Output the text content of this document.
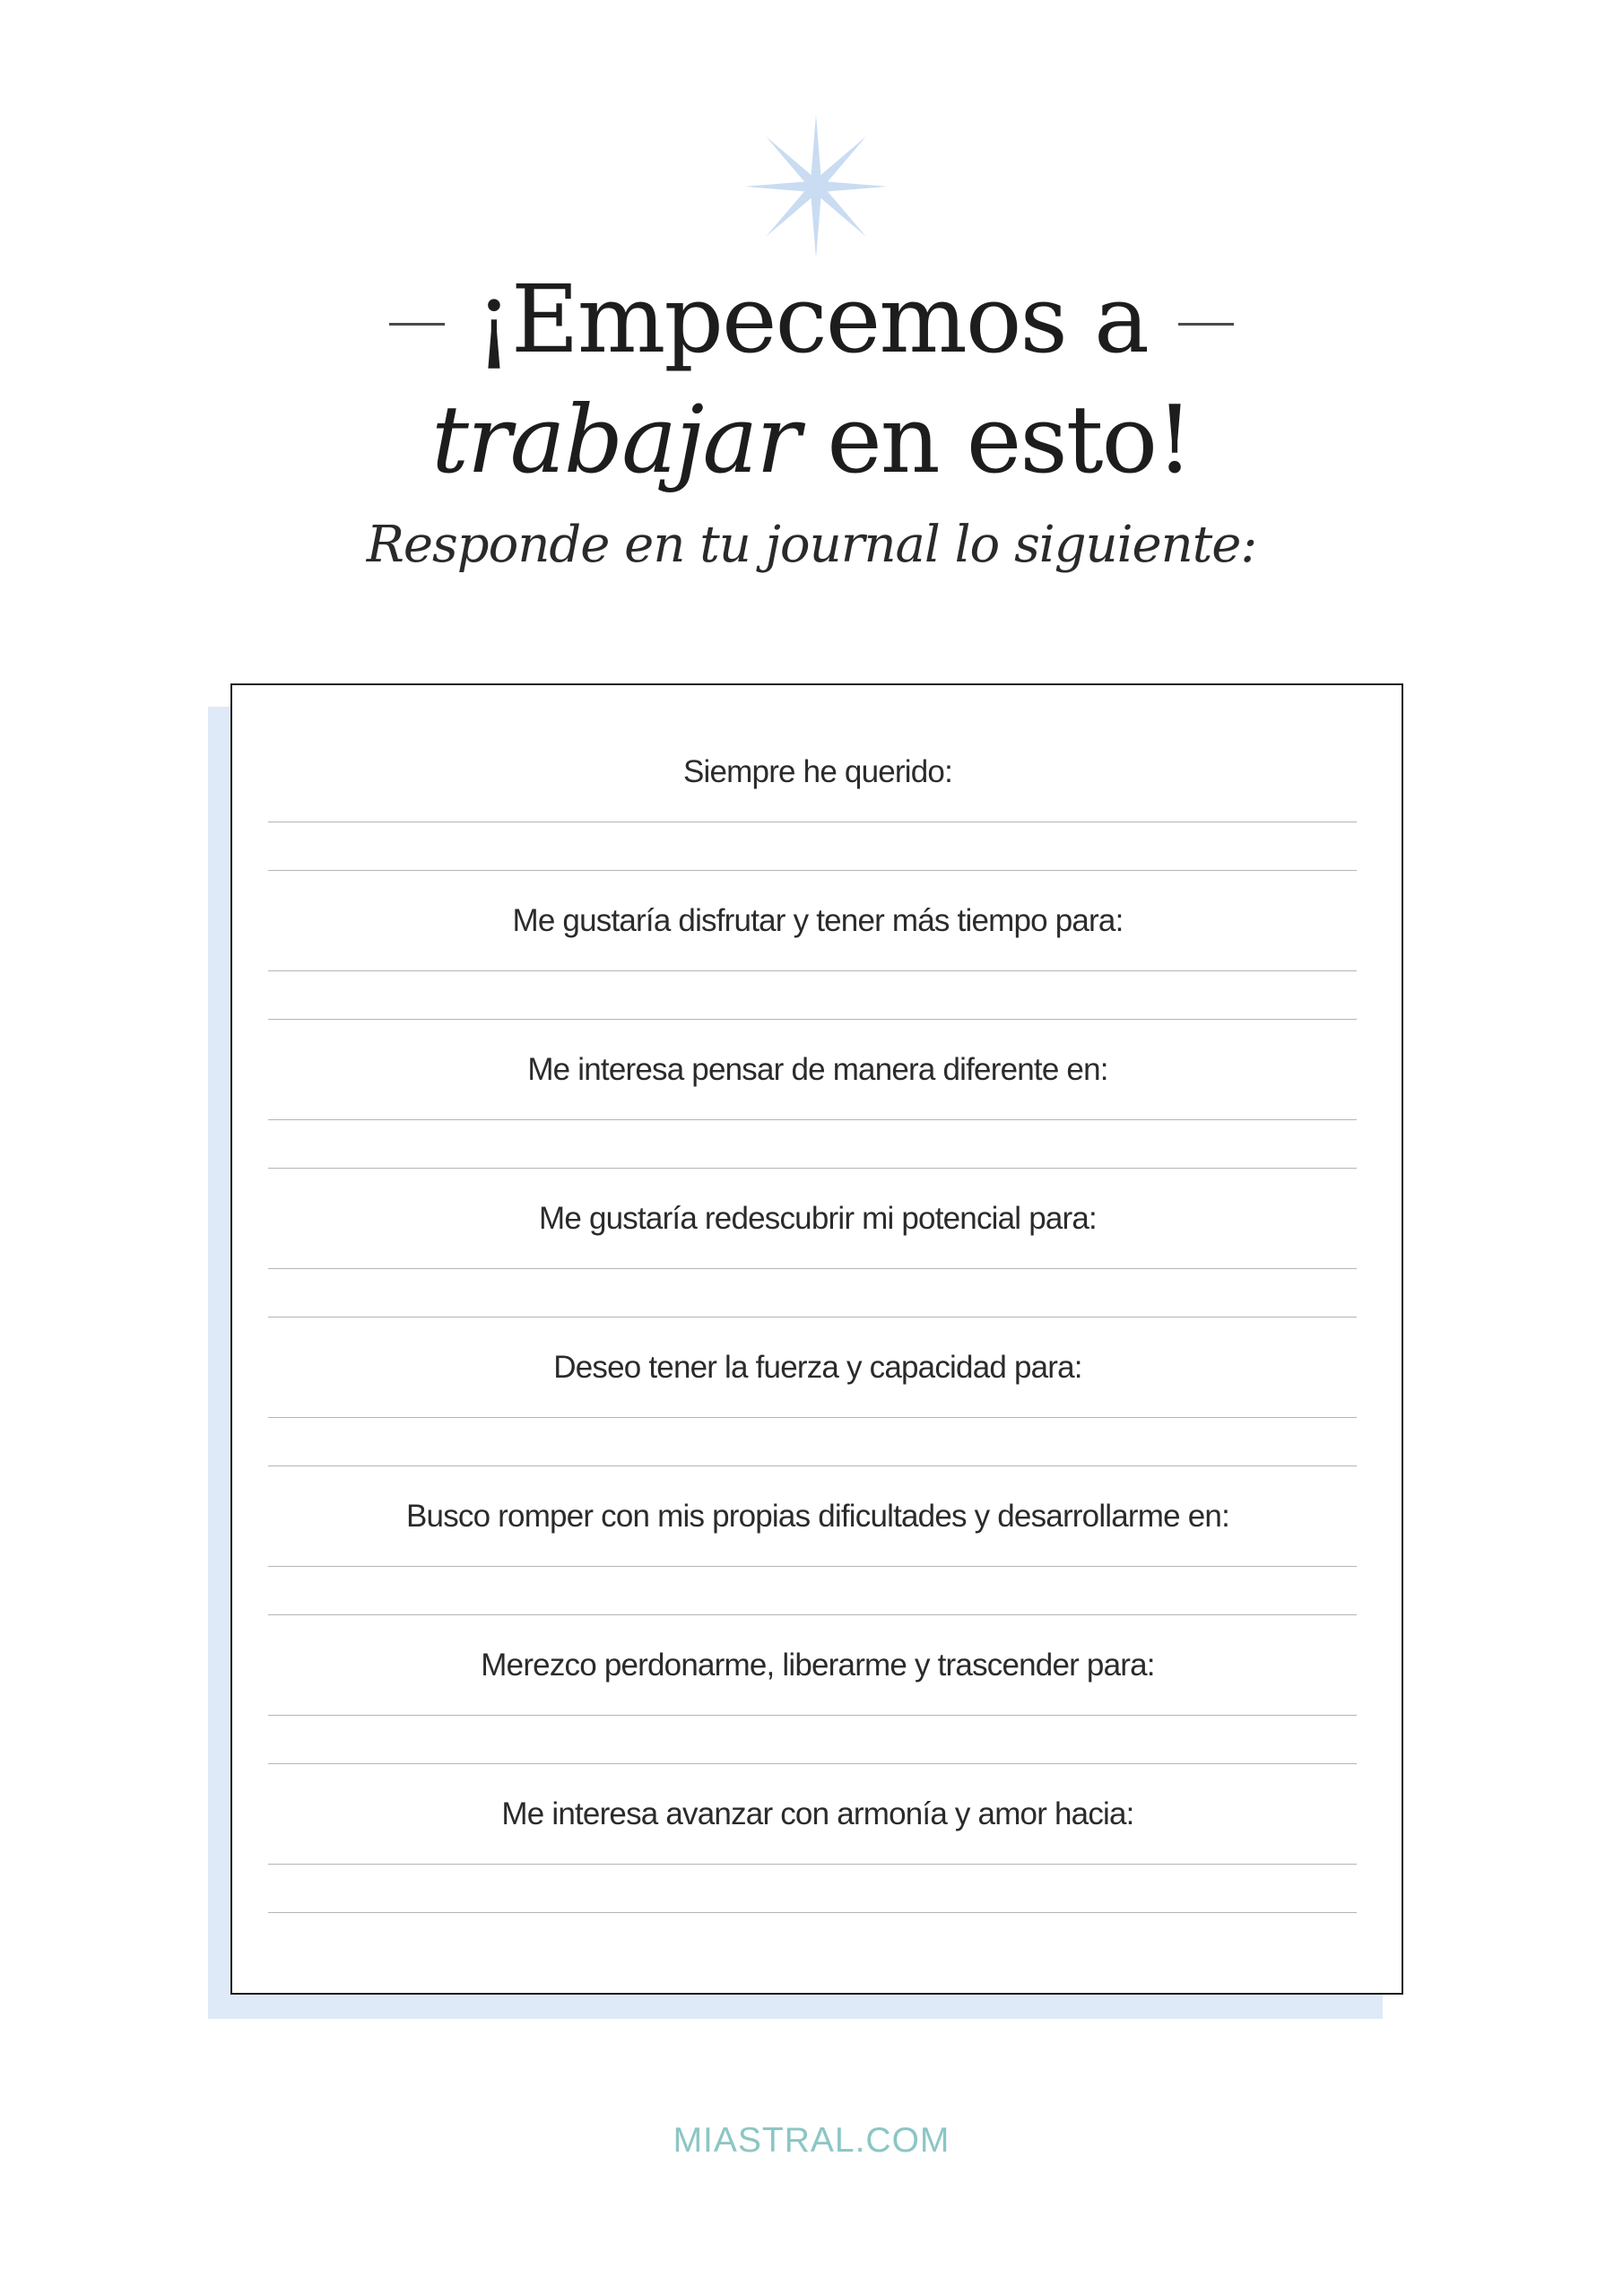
¡Empecemos a
trabajar en esto!
Responde en tu journal lo siguiente:
Siempre he querido:
Me gustaría disfrutar y tener más tiempo para:
Me interesa pensar de manera diferente en:
Me gustaría redescubrir mi potencial para:
Deseo tener la fuerza y capacidad para:
Busco romper con mis propias dificultades y desarrollarme en:
Merezco perdonarme, liberarme y trascender para:
Me interesa avanzar con armonía y amor hacia:
MIASTRAL.COM
